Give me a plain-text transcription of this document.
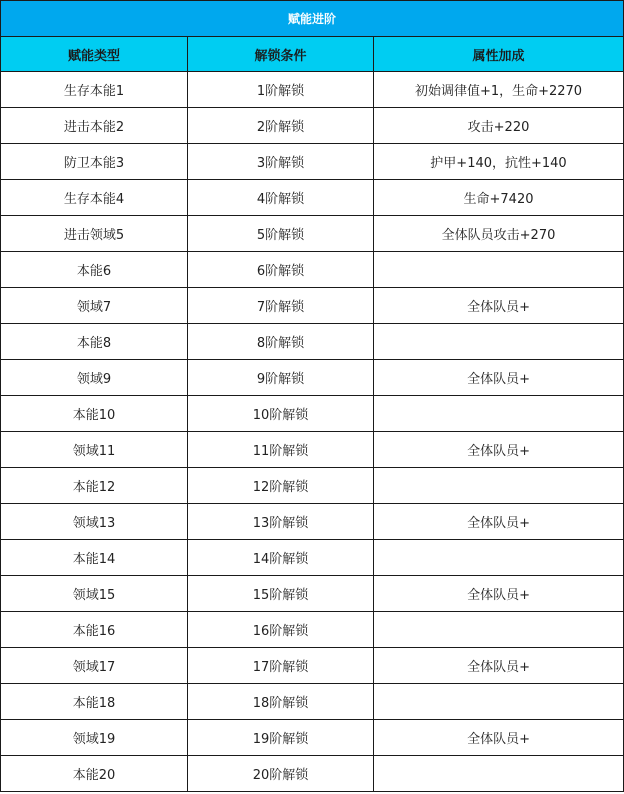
赋能进阶		
赋能类型	解锁条件	属性加成
生存本能1	1阶解锁	初始调律值+1，生命+2270
进击本能2	2阶解锁	攻击+220
防卫本能3	3阶解锁	护甲+140，抗性+140
生存本能4	4阶解锁	生命+7420
进击领域5	5阶解锁	全体队员攻击+270
本能6	6阶解锁	
领域7	7阶解锁	全体队员+
本能8	8阶解锁	
领域9	9阶解锁	全体队员+
本能10	10阶解锁	
领域11	11阶解锁	全体队员+
本能12	12阶解锁	
领域13	13阶解锁	全体队员+
本能14	14阶解锁	
领域15	15阶解锁	全体队员+
本能16	16阶解锁	
领域17	17阶解锁	全体队员+
本能18	18阶解锁	
领域19	19阶解锁	全体队员+
本能20	20阶解锁	
